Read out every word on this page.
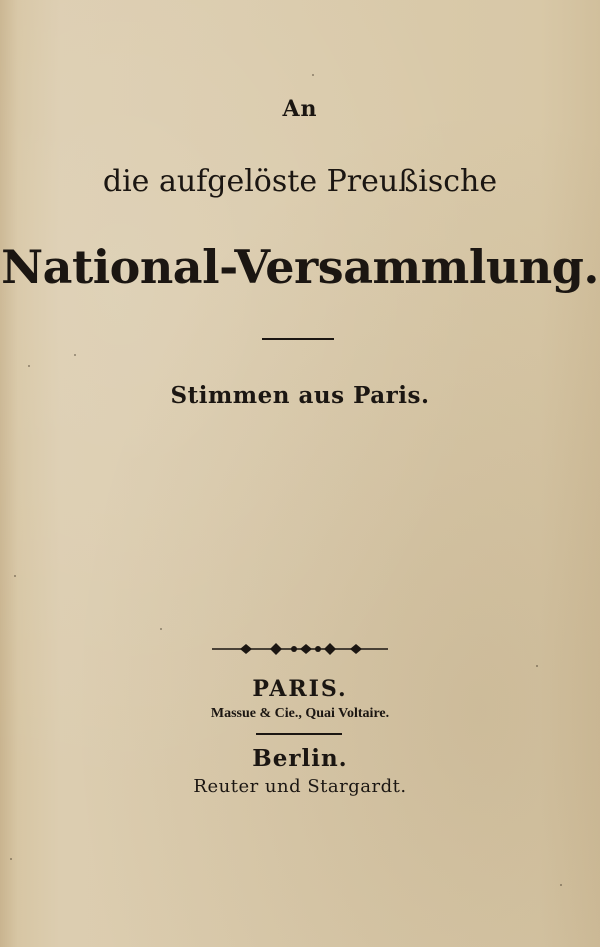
An
die aufgelöste Preußische
National-Versammlung.
Stimmen aus Paris.
PARIS.
Massue & Cie., Quai Voltaire.
Berlin.
Reuter und Stargardt.
